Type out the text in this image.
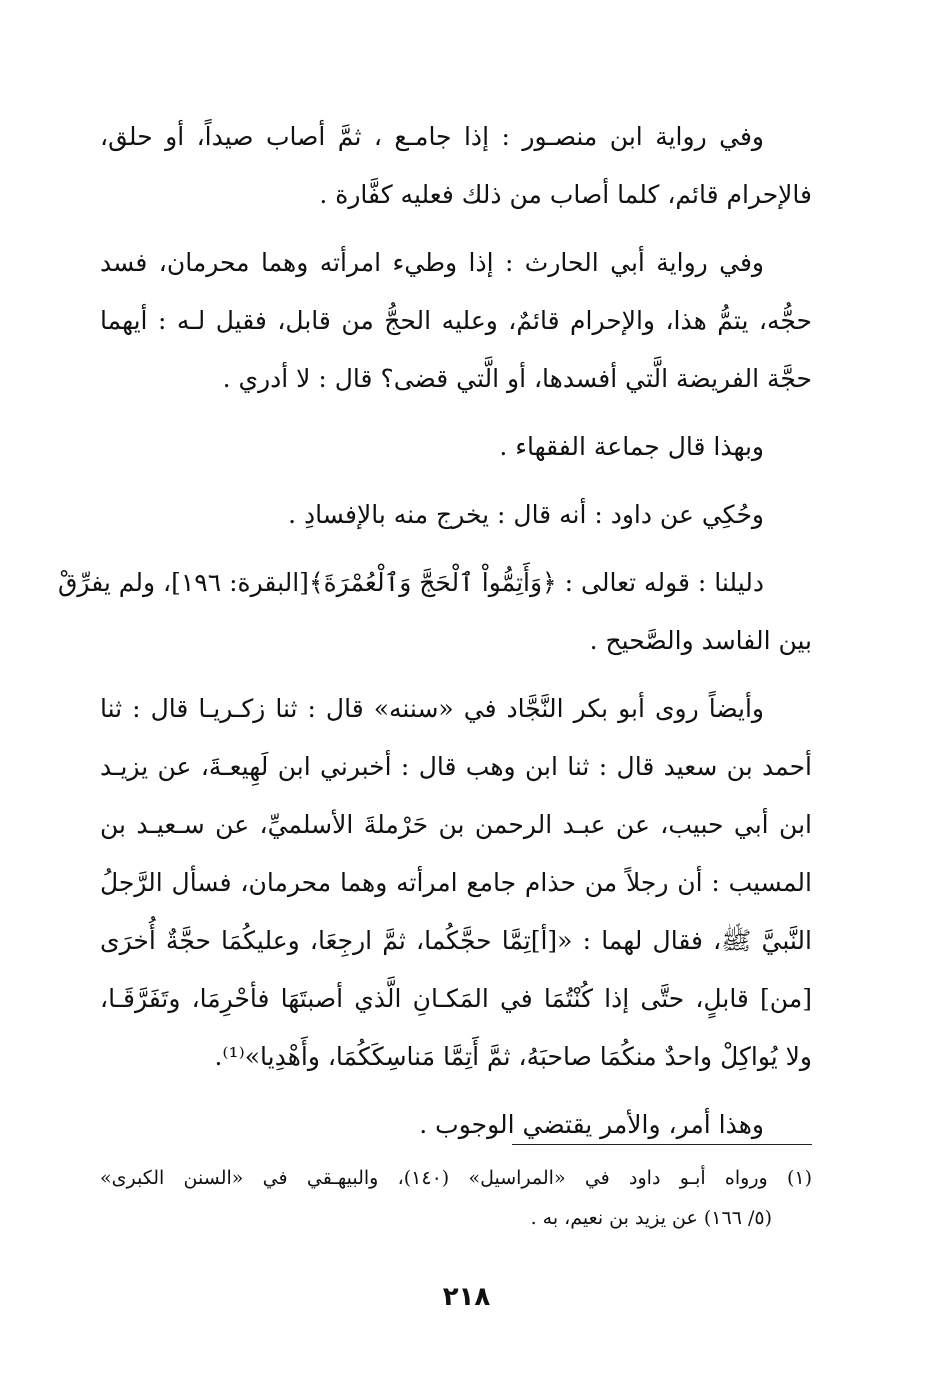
وفي رواية ابن منصـور : إذا جامـع ، ثمَّ أصاب صيداً، أو حلق،
فالإحرام قائم، كلما أصاب من ذلك فعليه كفَّارة .
وفي رواية أبي الحارث : إذا وطيء امرأته وهما محرمان، فسد
حجُّه، يتمُّ هذا، والإحرام قائمٌ، وعليه الحجُّ من قابل، فقيل لـه : أيهما
حجَّة الفريضة الَّتي أفسدها، أو الَّتي قضى؟ قال : لا أدري .
وبهذا قال جماعة الفقهاء .
وحُكِي عن داود : أنه قال : يخرج منه بالإفسادِ .
دليلنا : قوله تعالى : ﴿وَأَتِمُّواْ ٱلْحَجَّ وَٱلْعُمْرَةَ﴾[البقرة: ١٩٦]، ولم يفرِّقْ
بين الفاسد والصَّحيح .
وأيضاً روى أبو بكر النَّجَّاد في «سننه» قال : ثنا زكـريـا قال : ثنا
أحمد بن سعيد قال : ثنا ابن وهب قال : أخبرني ابن لَهِيعـةَ، عن يزيـد
ابن أبي حبيب، عن عبـد الرحمن بن حَرْملةَ الأسلميِّ، عن سـعيـد بن
المسيب : أن رجلاً من حذام جامع امرأته وهما محرمان، فسأل الرَّجلُ
النَّبيَّ ﷺ، فقال لهما : «[أ]تِمَّا حجَّكُما، ثمَّ ارجِعَا، وعليكُمَا حجَّةٌ أُخرَى
[من] قابلٍ، حتَّى إذا كُنْتُمَا في المَكـانِ الَّذي أصبتَهَا فأحْرِمَا، وتَفَرَّقَـا،
ولا يُواكِلْ واحدٌ منكُمَا صاحبَهُ، ثمَّ أَتِمَّا مَناسِكَكُمَا، وأَهْدِيا»⁽¹⁾.
وهذا أمر، والأمر يقتضي الوجوب .
(١) ورواه أبـو داود في «المراسيل» (١٤٠)، والبيهـقي في «السنن الكبرى»
(٥/ ١٦٦) عن يزيد بن نعيم، به .
٢١٨
